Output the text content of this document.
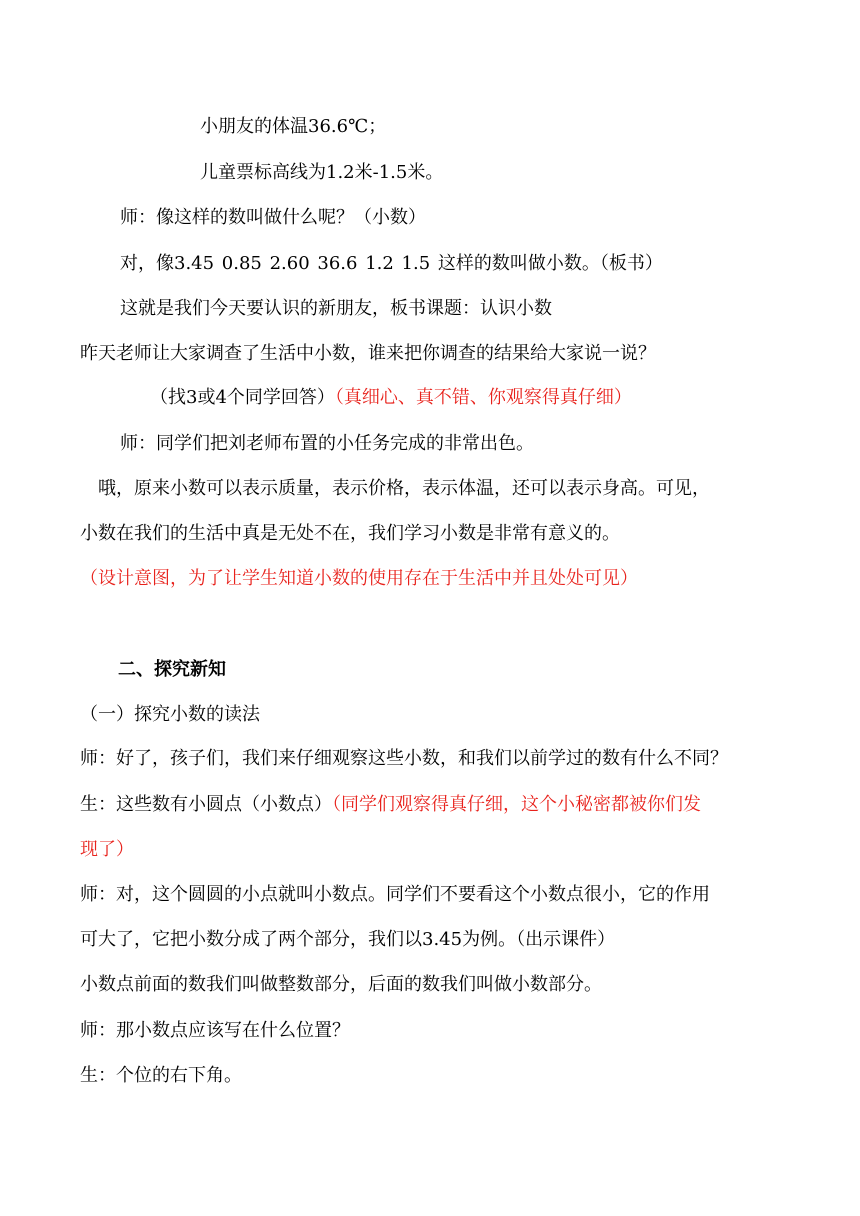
小朋友的体温36.6℃；
儿童票标高线为1.2米-1.5米。
师：像这样的数叫做什么呢？（小数）
对，像3.45 0.85 2.60 36.6 1.2 1.5 这样的数叫做小数。（板书）
这就是我们今天要认识的新朋友，板书课题：认识小数
昨天老师让大家调查了生活中小数，谁来把你调查的结果给大家说一说？
（找3或4个同学回答）（真细心、真不错、你观察得真仔细）
师：同学们把刘老师布置的小任务完成的非常出色。
哦，原来小数可以表示质量，表示价格，表示体温，还可以表示身高。可见，
小数在我们的生活中真是无处不在，我们学习小数是非常有意义的。
（设计意图，为了让学生知道小数的使用存在于生活中并且处处可见）
二、探究新知
（一）探究小数的读法
师：好了，孩子们，我们来仔细观察这些小数，和我们以前学过的数有什么不同？
生：这些数有小圆点（小数点）（同学们观察得真仔细，这个小秘密都被你们发
现了）
师：对，这个圆圆的小点就叫小数点。同学们不要看这个小数点很小，它的作用
可大了，它把小数分成了两个部分，我们以3.45为例。（出示课件）
小数点前面的数我们叫做整数部分，后面的数我们叫做小数部分。
师：那小数点应该写在什么位置？
生：个位的右下角。
